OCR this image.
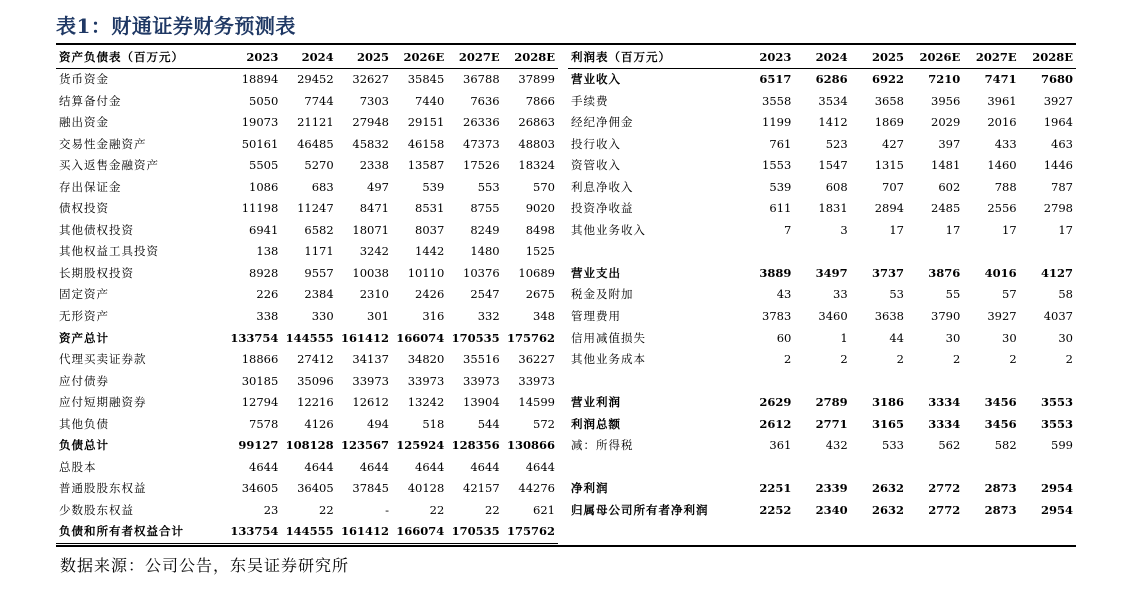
表1：财通证券财务预测表
资产负债表（百万元）	2023	2024	2025	2026E	2027E	2028E
货币资金	18894	29452	32627	35845	36788	37899
结算备付金	5050	7744	7303	7440	7636	7866
融出资金	19073	21121	27948	29151	26336	26863
交易性金融资产	50161	46485	45832	46158	47373	48803
买入返售金融资产	5505	5270	2338	13587	17526	18324
存出保证金	1086	683	497	539	553	570
债权投资	11198	11247	8471	8531	8755	9020
其他债权投资	6941	6582	18071	8037	8249	8498
其他权益工具投资	138	1171	3242	1442	1480	1525
长期股权投资	8928	9557	10038	10110	10376	10689
固定资产	226	2384	2310	2426	2547	2675
无形资产	338	330	301	316	332	348
资产总计	133754	144555	161412	166074	170535	175762
代理买卖证券款	18866	27412	34137	34820	35516	36227
应付债券	30185	35096	33973	33973	33973	33973
应付短期融资券	12794	12216	12612	13242	13904	14599
其他负债	7578	4126	494	518	544	572
负债总计	99127	108128	123567	125924	128356	130866
总股本	4644	4644	4644	4644	4644	4644
普通股股东权益	34605	36405	37845	40128	42157	44276
少数股东权益	23	22	-	22	22	621
负债和所有者权益合计	133754	144555	161412	166074	170535	175762
利润表（百万元）	2023	2024	2025	2026E	2027E	2028E
营业收入	6517	6286	6922	7210	7471	7680
手续费	3558	3534	3658	3956	3961	3927
经纪净佣金	1199	1412	1869	2029	2016	1964
投行收入	761	523	427	397	433	463
资管收入	1553	1547	1315	1481	1460	1446
利息净收入	539	608	707	602	788	787
投资净收益	611	1831	2894	2485	2556	2798
其他业务收入	7	3	17	17	17	17

营业支出	3889	3497	3737	3876	4016	4127
税金及附加	43	33	53	55	57	58
管理费用	3783	3460	3638	3790	3927	4037
信用减值损失	60	1	44	30	30	30
其他业务成本	2	2	2	2	2	2

营业利润	2629	2789	3186	3334	3456	3553
利润总额	2612	2771	3165	3334	3456	3553
减：所得税	361	432	533	562	582	599

净利润	2251	2339	2632	2772	2873	2954
归属母公司所有者净利润	2252	2340	2632	2772	2873	2954

数据来源：公司公告，东吴证券研究所
